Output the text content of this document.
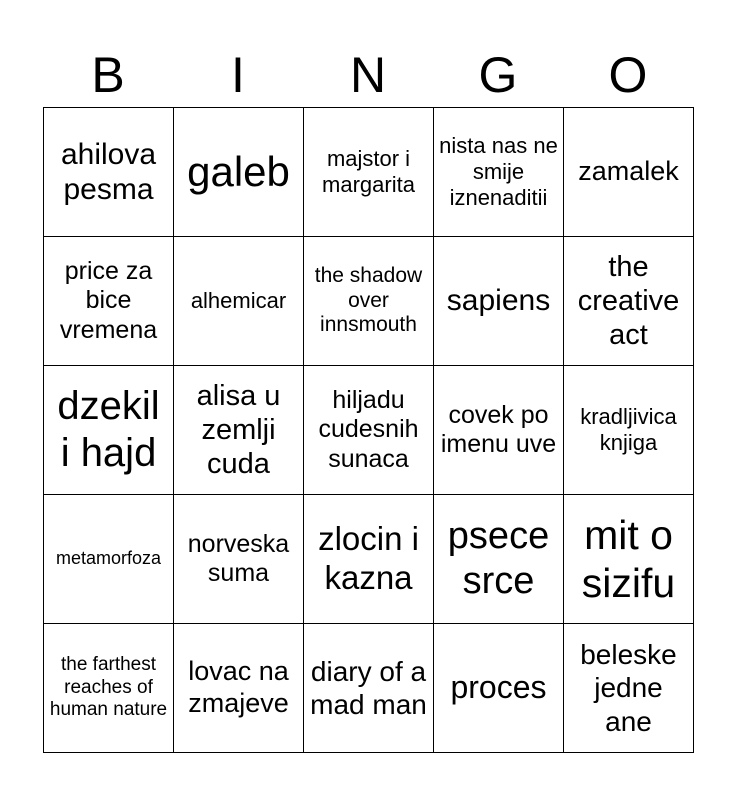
B	I	N	G	O
ahilova pesma	galeb	majstor i margarita	nista nas ne smije iznenaditii	zamalek

price za bice vremena	alhemicar	the shadow over innsmouth	sapiens	the creative act

dzekil i hajd	alisa u zemlji cuda	hiljadu cudesnih sunaca	covek po imenu uve	kradljivica knjiga

metamorfoza	norveska suma	zlocin i kazna	psece srce	mit o sizifu

the farthest reaches of human nature	lovac na zmajeve	diary of a mad man	proces	beleske jedne ane
